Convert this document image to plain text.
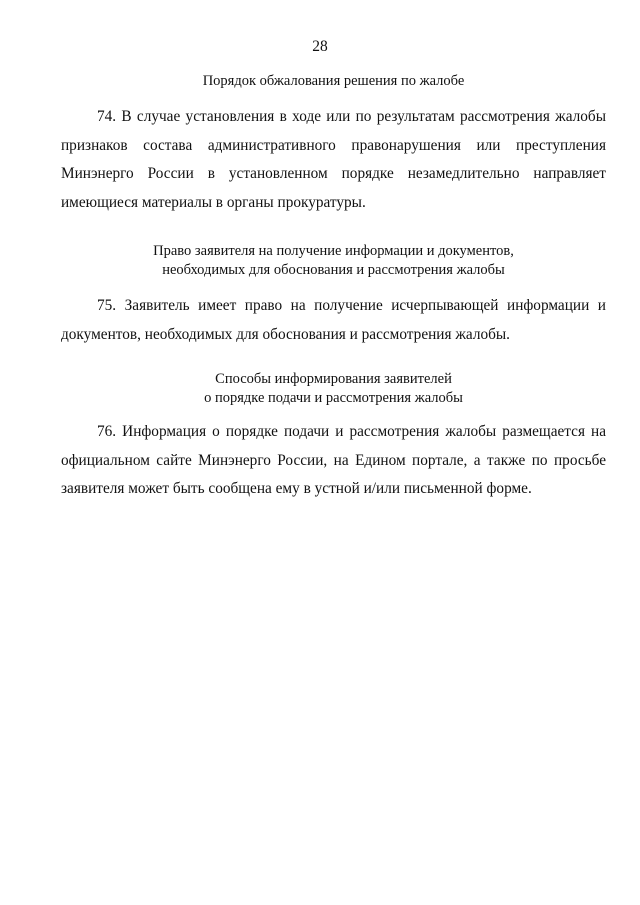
28
Порядок обжалования решения по жалобе

74. В случае установления в ходе или по результатам рассмотрения жалобы признаков состава административного правонарушения или преступления Минэнерго России в установленном порядке незамедлительно направляет имеющиеся материалы в органы прокуратуры.

Право заявителя на получение информации и документов,
необходимых для обоснования и рассмотрения жалобы

75. Заявитель имеет право на получение исчерпывающей информации и документов, необходимых для обоснования и рассмотрения жалобы.

Способы информирования заявителей
о порядке подачи и рассмотрения жалобы

76. Информация о порядке подачи и рассмотрения жалобы размещается на официальном сайте Минэнерго России, на Едином портале, а также по просьбе заявителя может быть сообщена ему в устной и/или письменной форме.
